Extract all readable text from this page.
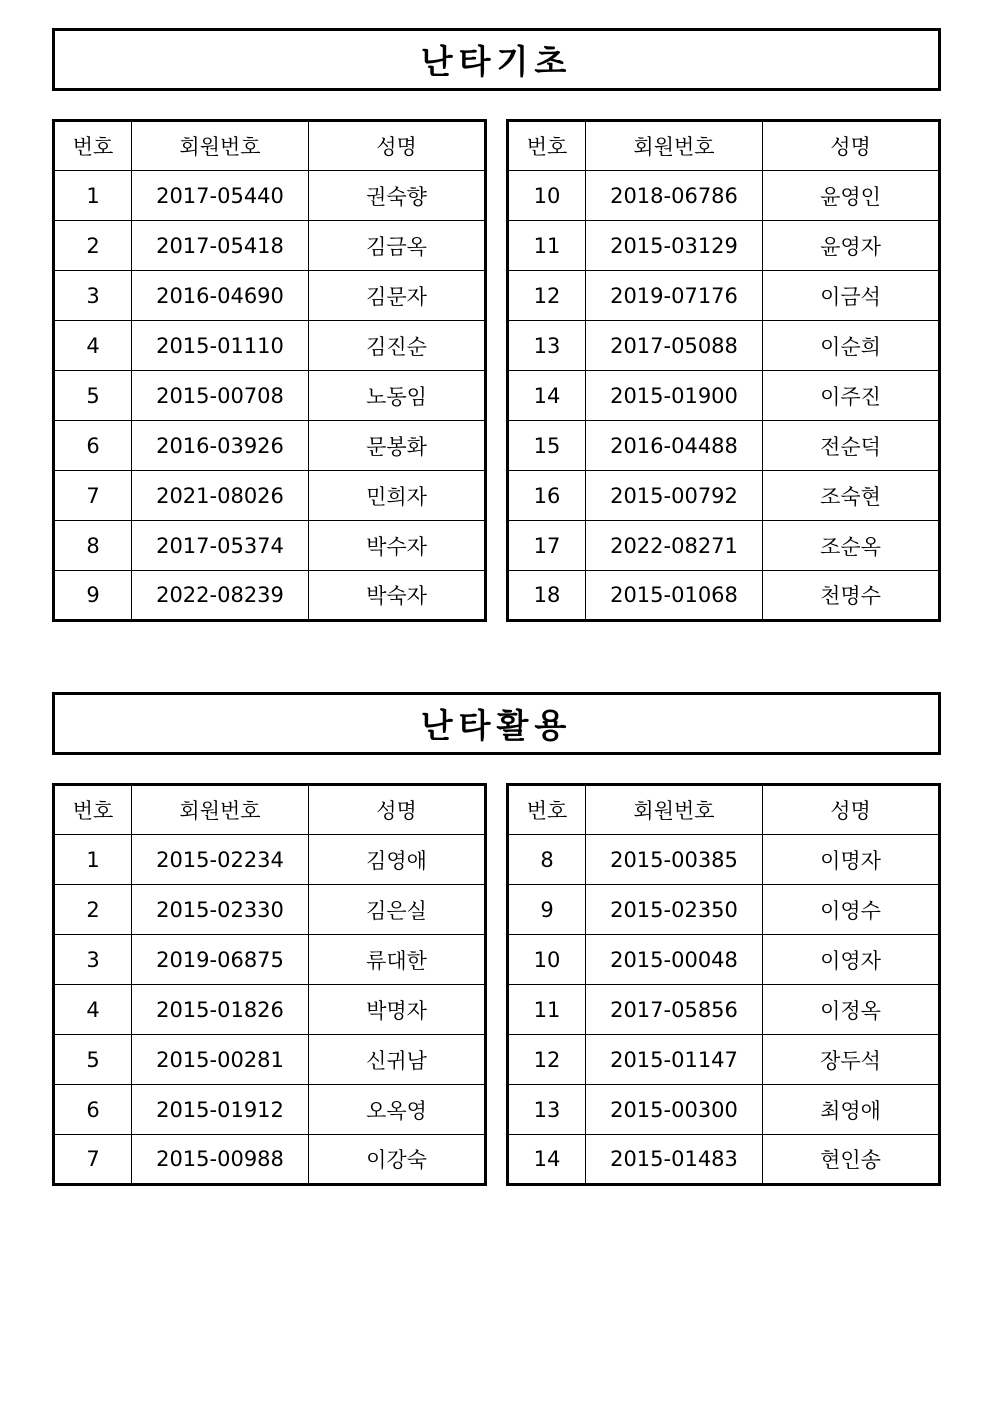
난타기초
번호	회원번호	성명
1	2017-05440	권숙향
2	2017-05418	김금옥
3	2016-04690	김문자
4	2015-01110	김진순
5	2015-00708	노동임
6	2016-03926	문봉화
7	2021-08026	민희자
8	2017-05374	박수자
9	2022-08239	박숙자
번호	회원번호	성명
10	2018-06786	윤영인
11	2015-03129	윤영자
12	2019-07176	이금석
13	2017-05088	이순희
14	2015-01900	이주진
15	2016-04488	전순덕
16	2015-00792	조숙현
17	2022-08271	조순옥
18	2015-01068	천명수
난타활용
번호	회원번호	성명
1	2015-02234	김영애
2	2015-02330	김은실
3	2019-06875	류대한
4	2015-01826	박명자
5	2015-00281	신귀남
6	2015-01912	오옥영
7	2015-00988	이강숙
번호	회원번호	성명
8	2015-00385	이명자
9	2015-02350	이영수
10	2015-00048	이영자
11	2017-05856	이정옥
12	2015-01147	장두석
13	2015-00300	최영애
14	2015-01483	현인송
